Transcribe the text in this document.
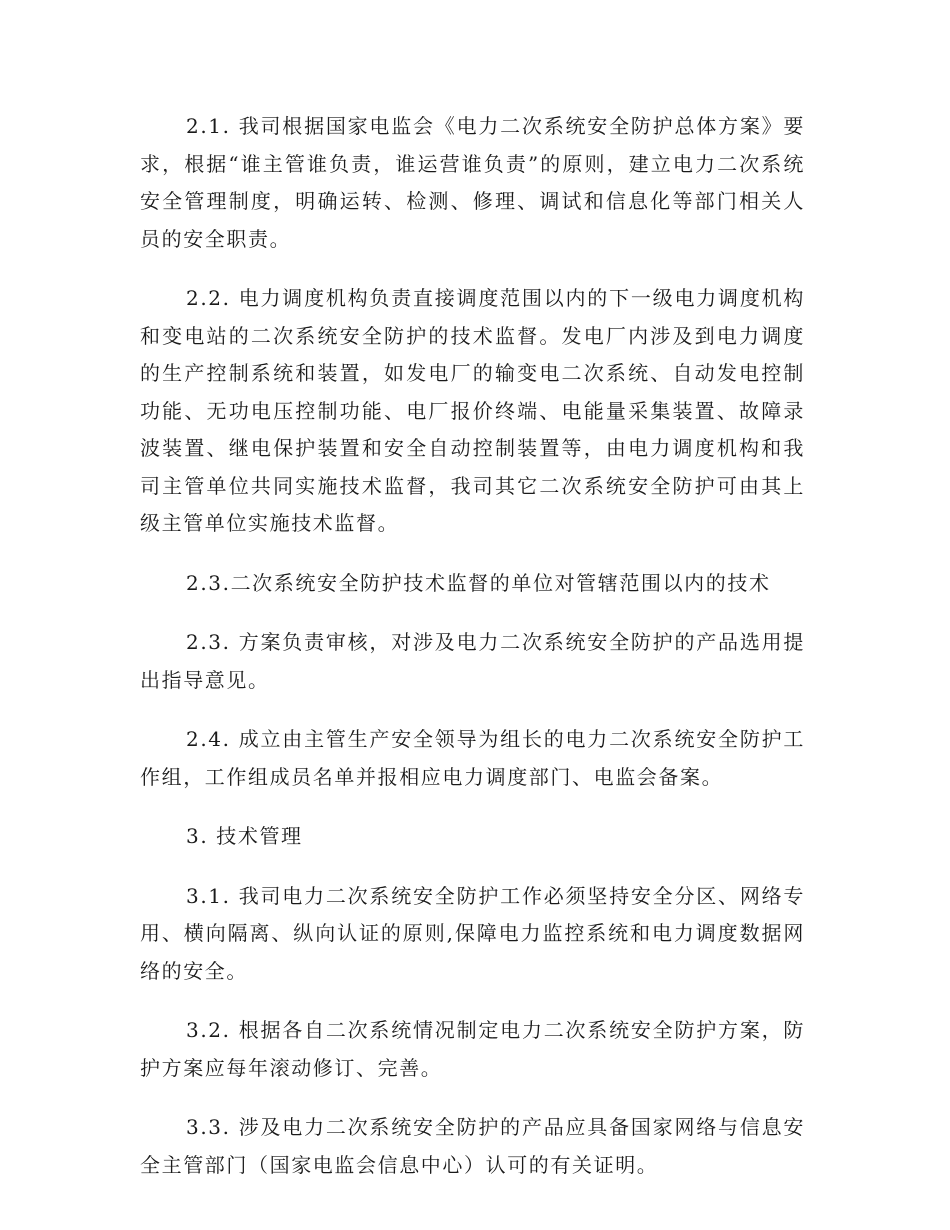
2.1. 我司根据国家电监会《电力二次系统安全防护总体方案》要求，根据“谁主管谁负责，谁运营谁负责”的原则，建立电力二次系统安全管理制度，明确运转、检测、修理、调试和信息化等部门相关人员的安全职责。

2.2. 电力调度机构负责直接调度范围以内的下一级电力调度机构和变电站的二次系统安全防护的技术监督。发电厂内涉及到电力调度的生产控制系统和装置，如发电厂的输变电二次系统、自动发电控制功能、无功电压控制功能、电厂报价终端、电能量采集装置、故障录波装置、继电保护装置和安全自动控制装置等，由电力调度机构和我司主管单位共同实施技术监督，我司其它二次系统安全防护可由其上级主管单位实施技术监督。

2.3.二次系统安全防护技术监督的单位对管辖范围以内的技术

2.3. 方案负责审核，对涉及电力二次系统安全防护的产品选用提出指导意见。

2.4. 成立由主管生产安全领导为组长的电力二次系统安全防护工作组，工作组成员名单并报相应电力调度部门、电监会备案。

3. 技术管理

3.1. 我司电力二次系统安全防护工作必须坚持安全分区、网络专用、横向隔离、纵向认证的原则,保障电力监控系统和电力调度数据网络的安全。

3.2. 根据各自二次系统情况制定电力二次系统安全防护方案，防护方案应每年滚动修订、完善。

3.3. 涉及电力二次系统安全防护的产品应具备国家网络与信息安全主管部门（国家电监会信息中心）认可的有关证明。
